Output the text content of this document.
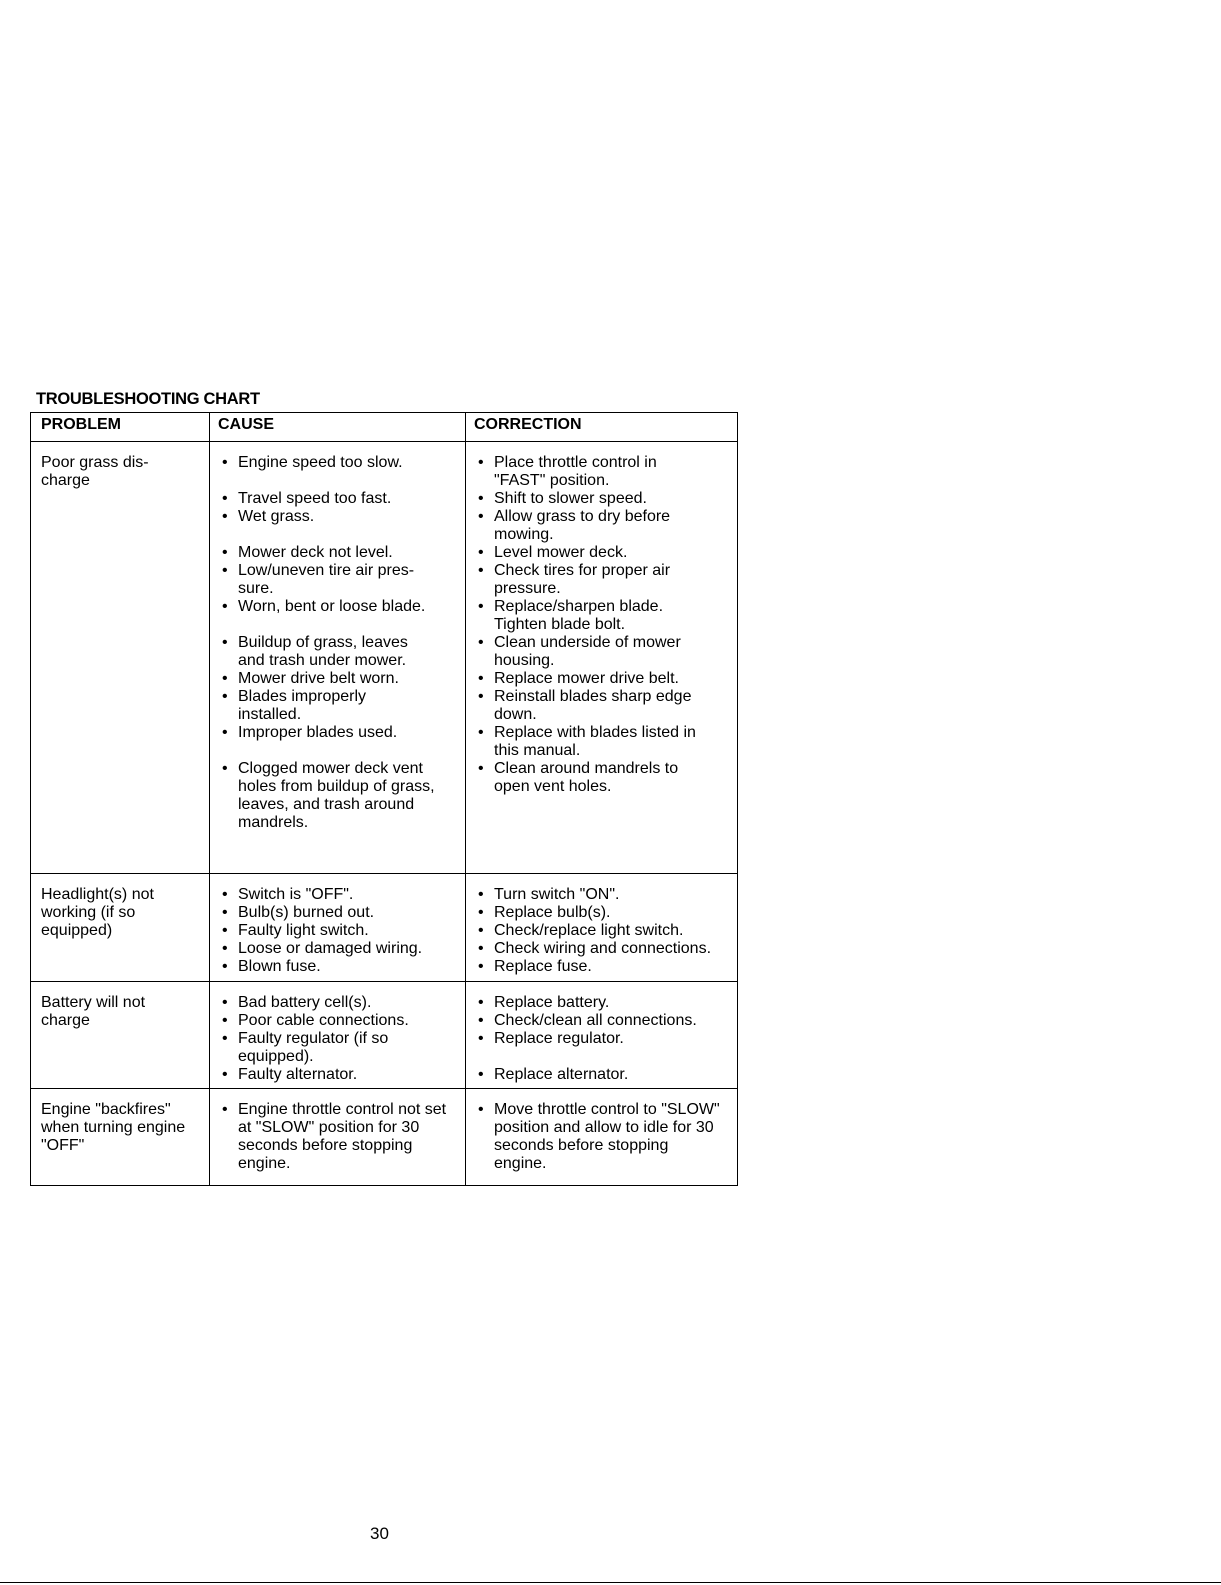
TROUBLESHOOTING CHART
PROBLEM	CAUSE	CORRECTION
Poor grass dis-charge
• Engine speed too slow.
• Travel speed too fast.
• Wet grass.
• Mower deck not level.
• Low/uneven tire air pres-sure.
• Worn, bent or loose blade.
• Buildup of grass, leaves and trash under mower.
• Mower drive belt worn.
• Blades improperly installed.
• Improper blades used.
• Clogged mower deck vent holes from buildup of grass, leaves, and trash around mandrels.
• Place throttle control in "FAST" position.
• Shift to slower speed.
• Allow grass to dry before mowing.
• Level mower deck.
• Check tires for proper air pressure.
• Replace/sharpen blade. Tighten blade bolt.
• Clean underside of mower housing.
• Replace mower drive belt.
• Reinstall blades sharp edge down.
• Replace with blades listed in this manual.
• Clean around mandrels to open vent holes.
Headlight(s) not working (if so equipped)
• Switch is "OFF".
• Bulb(s) burned out.
• Faulty light switch.
• Loose or damaged wiring.
• Blown fuse.
• Turn switch "ON".
• Replace bulb(s).
• Check/replace light switch.
• Check wiring and connections.
• Replace fuse.
Battery will not charge
• Bad battery cell(s).
• Poor cable connections.
• Faulty regulator (if so equipped).
• Faulty alternator.
• Replace battery.
• Check/clean all connections.
• Replace regulator.
• Replace alternator.
Engine "backfires" when turning engine "OFF"
• Engine throttle control not set at "SLOW" position for 30 seconds before stopping engine.
• Move throttle control to "SLOW" position and allow to idle for 30 seconds before stopping engine.
30
